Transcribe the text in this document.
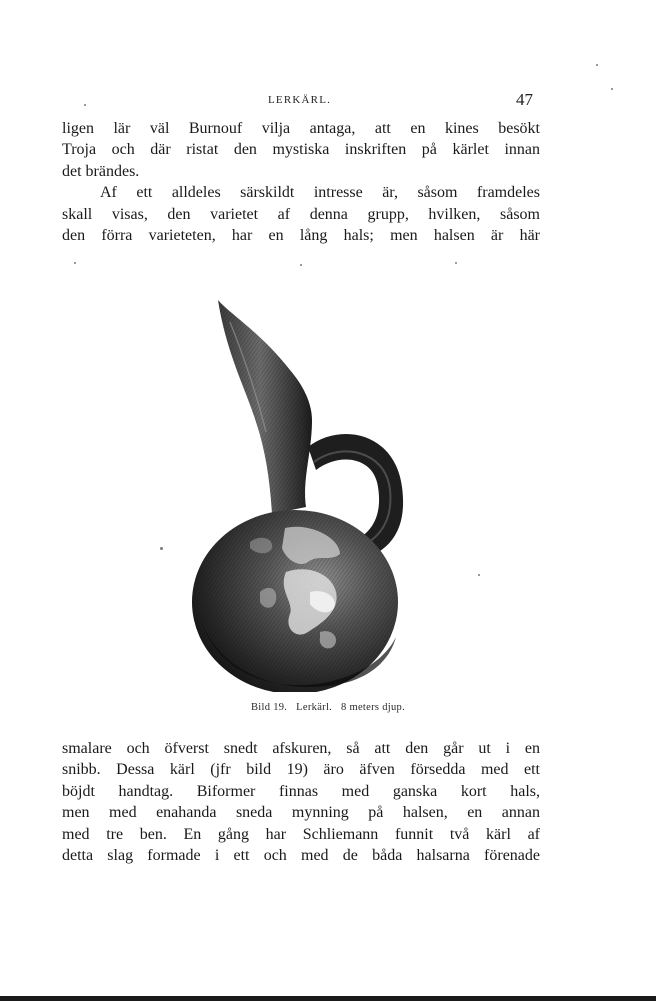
LERKÄRL.	47
ligen lär väl Burnouf vilja antaga, att en kines besökt
Troja och där ristat den mystiska inskriften på kärlet innan
det brändes.
Af ett alldeles särskildt intresse är, såsom framdeles
skall visas, den varietet af denna grupp, hvilken, såsom
den förra varieteten, har en lång hals; men halsen är här
Bild 19. Lerkärl. 8 meters djup.
smalare och öfverst snedt afskuren, så att den går ut i en
snibb. Dessa kärl (jfr bild 19) äro äfven försedda med ett
böjdt handtag. Biformer finnas med ganska kort hals,
men med enahanda sneda mynning på halsen, en annan
med tre ben. En gång har Schliemann funnit två kärl af
detta slag formade i ett och med de båda halsarna förenade
